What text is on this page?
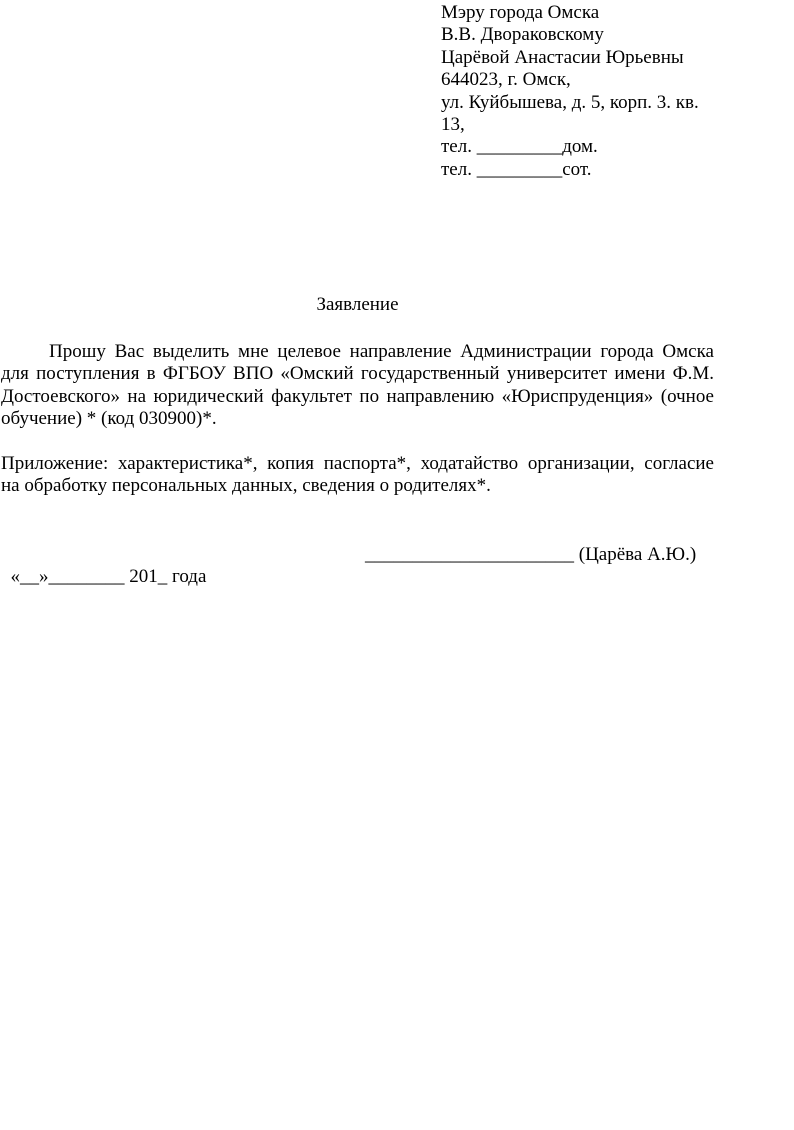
Мэру города Омска
В.В. Двораковскому
Царёвой Анастасии Юрьевны
644023, г. Омск,
ул. Куйбышева, д. 5, корп. 3. кв.
13,
тел. _________дом.
тел. _________сот.
Заявление
Прошу Вас выделить мне целевое направление Администрации города Омска
для поступления в ФГБОУ ВПО «Омский государственный университет имени Ф.М.
Достоевского» на юридический факультет по направлению «Юриспруденция» (очное
обучение) * (код 030900)*.
Приложение: характеристика*, копия паспорта*, ходатайство организации, согласие
на обработку персональных данных, сведения о родителях*.

«__»________ 201_ года

______________________ (Царёва А.Ю.)
